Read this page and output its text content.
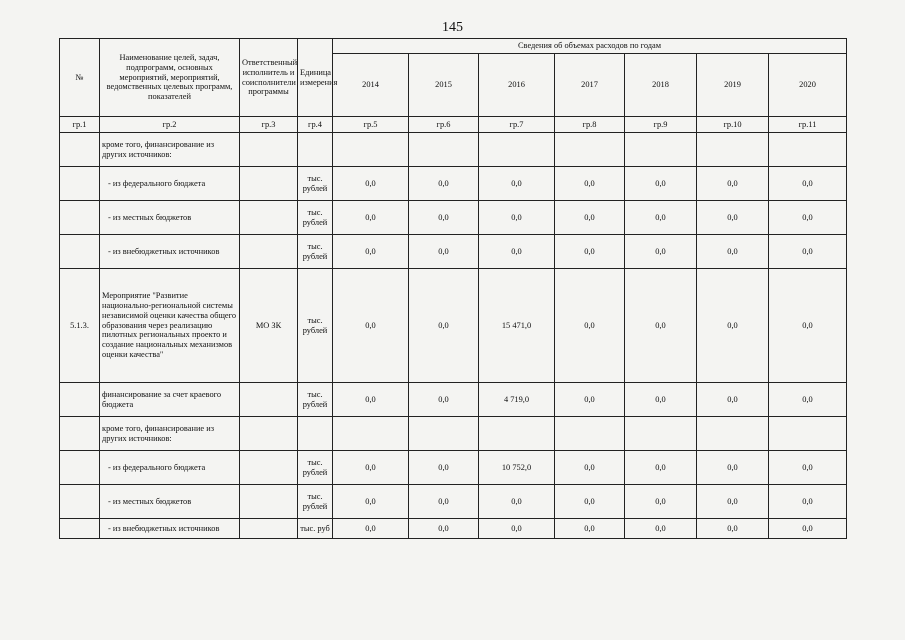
145
№	Наименование целей, задач, подпрограмм, основных мероприятий, мероприятий, ведомственных целевых программ, показателей	Ответственный исполнитель и соисполнители программы	Единица измерения	Сведения об объемах расходов по годам						
				2014	2015	2016	2017	2018	2019	2020
гр.1	гр.2	гр.3	гр.4	гр.5	гр.6	гр.7	гр.8	гр.9	гр.10	гр.11
	кроме того, финансирование из других источников:									
	- из федерального бюджета		тыс. рублей	0,0	0,0	0,0	0,0	0,0	0,0	0,0
	- из местных бюджетов		тыс. рублей	0,0	0,0	0,0	0,0	0,0	0,0	0,0
	- из внебюджетных источников		тыс. рублей	0,0	0,0	0,0	0,0	0,0	0,0	0,0
5.1.3.	Мероприятие "Развитие национально-региональной системы независимой оценки качества общего образования через реализацию пилотных региональных проекто и создание национальных механизмов оценки качества"	МО ЗК	тыс. рублей	0,0	0,0	15 471,0	0,0	0,0	0,0	0,0
	финансирование за счет краевого бюджета		тыс. рублей	0,0	0,0	4 719,0	0,0	0,0	0,0	0,0
	кроме того, финансирование из других источников:									
	- из федерального бюджета		тыс. рублей	0,0	0,0	10 752,0	0,0	0,0	0,0	0,0
	- из местных бюджетов		тыс. рублей	0,0	0,0	0,0	0,0	0,0	0,0	0,0
	- из внебюджетных источников		тыс. руб	0,0	0,0	0,0	0,0	0,0	0,0	0,0
